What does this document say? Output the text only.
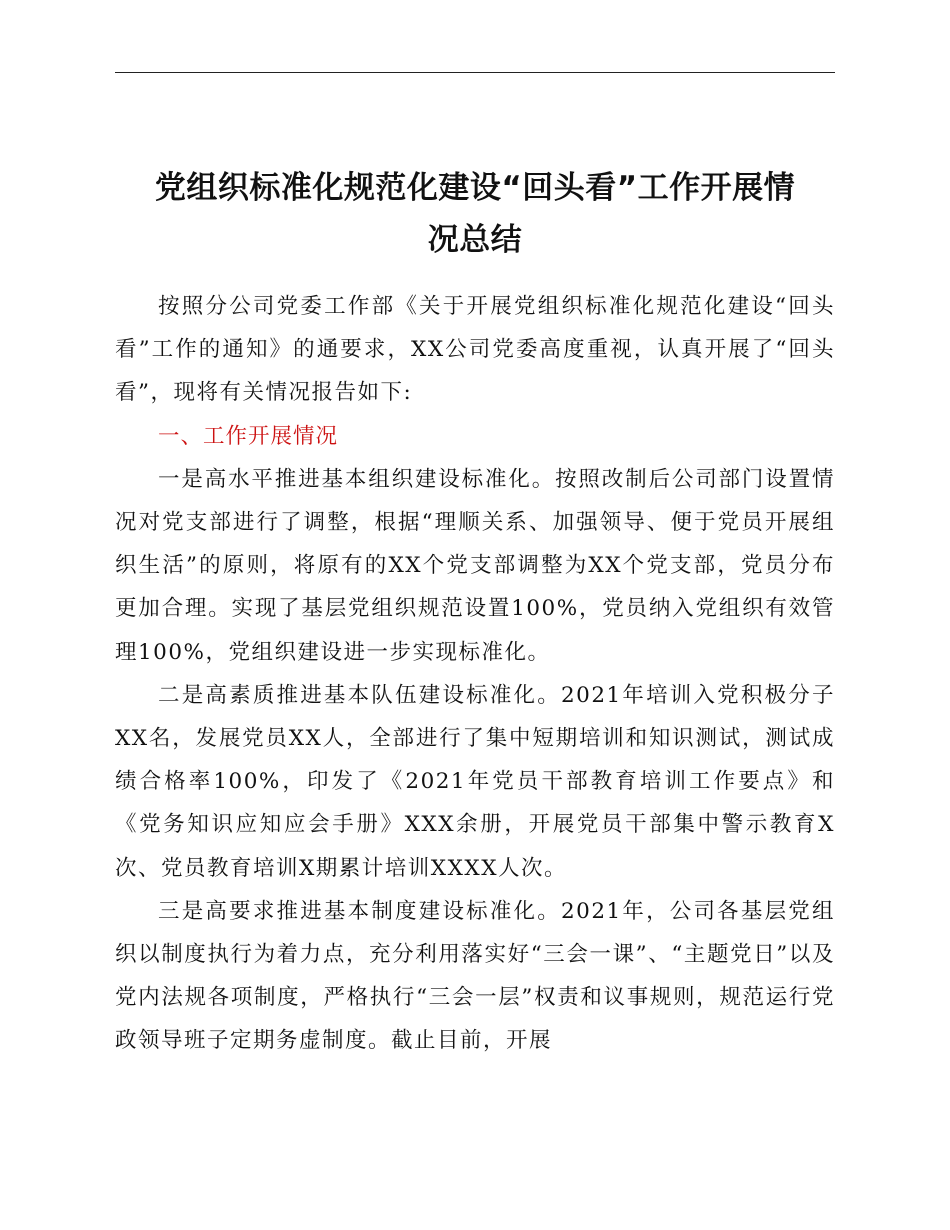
党组织标准化规范化建设“回头看”工作开展情
况总结

按照分公司党委工作部《关于开展党组织标准化规范化建设“回头看”工作的通知》的通要求，XX公司党委高度重视，认真开展了“回头看”，现将有关情况报告如下:

一、工作开展情况

一是高水平推进基本组织建设标准化。按照改制后公司部门设置情况对党支部进行了调整，根据“理顺关系、加强领导、便于党员开展组织生活”的原则，将原有的XX个党支部调整为XX个党支部，党员分布更加合理。实现了基层党组织规范设置100%，党员纳入党组织有效管理100%，党组织建设进一步实现标准化。

二是高素质推进基本队伍建设标准化。2021年培训入党积极分子XX名，发展党员XX人，全部进行了集中短期培训和知识测试，测试成绩合格率100%，印发了《2021年党员干部教育培训工作要点》和《党务知识应知应会手册》XXX余册，开展党员干部集中警示教育X次、党员教育培训X期累计培训XXXX人次。

三是高要求推进基本制度建设标准化。2021年，公司各基层党组织以制度执行为着力点，充分利用落实好“三会一课”、“主题党日”以及党内法规各项制度，严格执行“三会一层”权责和议事规则，规范运行党政领导班子定期务虚制度。截止目前，开展
